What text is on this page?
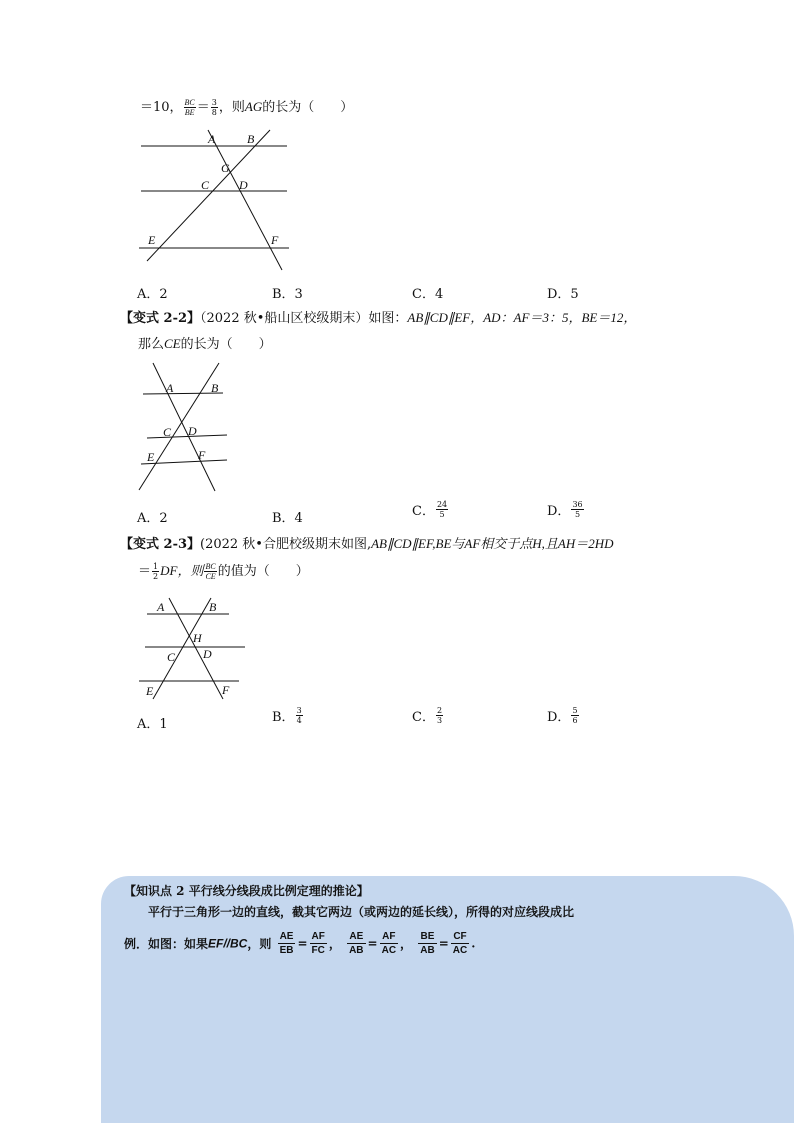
＝10， $\frac{BC}{BE} = \frac{3}{8}$ ，则AG的长为（　　）
A	B
G
C D
E	F
A．2	B．3	C．4	D．5
【变式 2-2】（2022 秋•船山区校级期末）如图：AB∥CD∥EF，AD：AF＝3：5，BE＝12，
那么CE的长为（　　）
A	B
C D
E	F
A．2	B．4	C． $\frac{24}{5}$	D． $\frac{36}{5}$
【变式 2-3】(2022 秋•合肥校级期末如图,AB∥CD∥EF,BE与AF相交于点H,且AH＝2HD
＝ $\frac{1}{2}$ DF，则 $\frac{BC}{CE}$ 的值为（　　）
A	B
H
C D
E	F
A．1	B． $\frac{3}{4}$	C． $\frac{2}{3}$	D． $\frac{5}{6}$
【知识点 2 平行线分线段成比例定理的推论】
平行于三角形一边的直线，截其它两边（或两边的延长线），所得的对应线段成比
例．如图：如果EF//BC，则 $\frac{AE}{EB} = \frac{AF}{FC}$ ， $\frac{AE}{AB} = \frac{AF}{AC}$ ， $\frac{BE}{AB} = \frac{CF}{AC}$ .
